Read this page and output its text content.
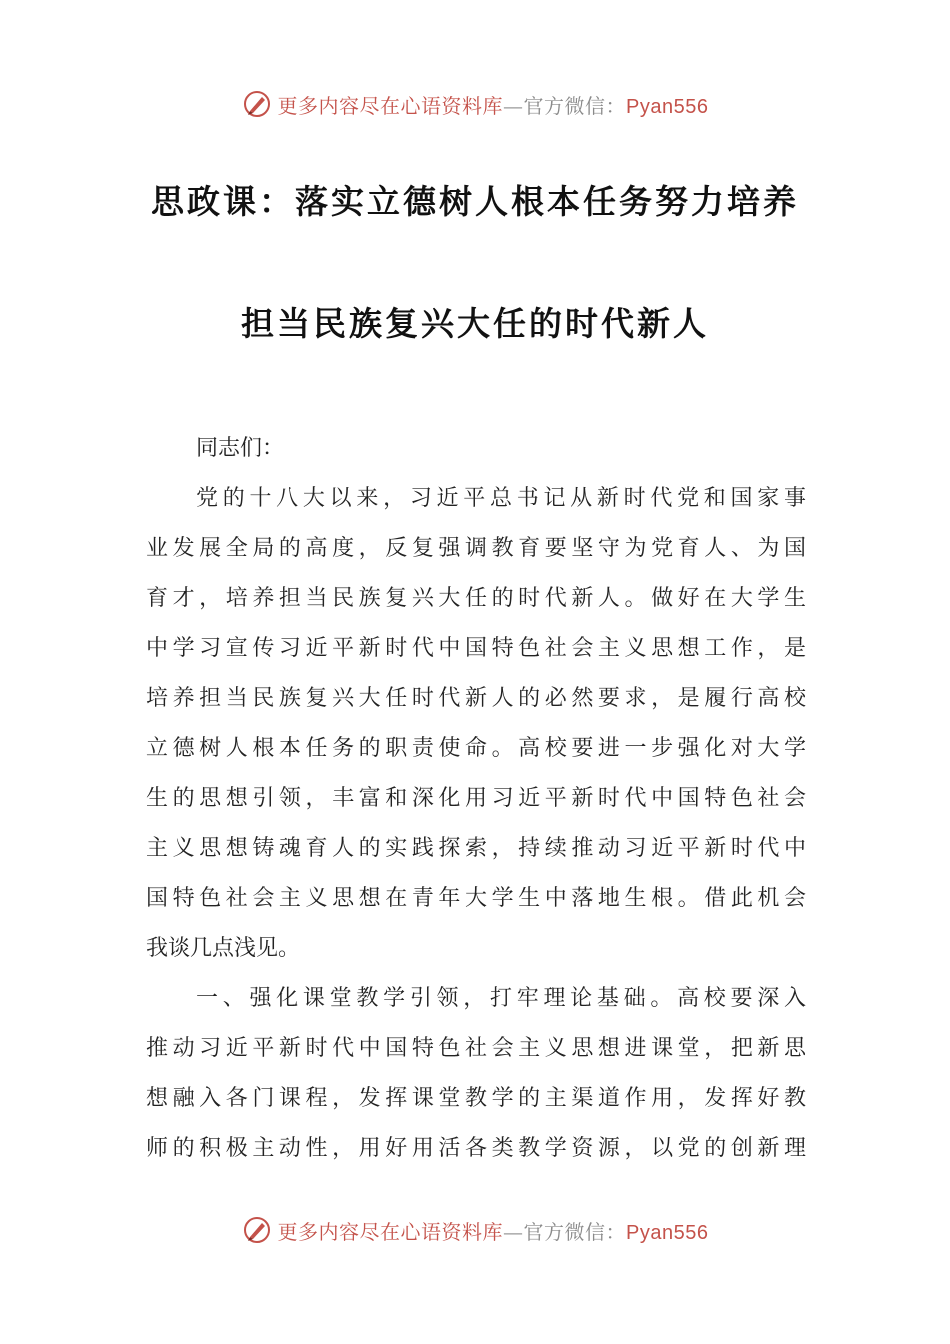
更多内容尽在心语资料库—官方微信：Pyan556
思政课：落实立德树人根本任务努力培养
担当民族复兴大任的时代新人
同志们：
党的十八大以来，习近平总书记从新时代党和国家事
业发展全局的高度，反复强调教育要坚守为党育人、为国
育才，培养担当民族复兴大任的时代新人。做好在大学生
中学习宣传习近平新时代中国特色社会主义思想工作，是
培养担当民族复兴大任时代新人的必然要求，是履行高校
立德树人根本任务的职责使命。高校要进一步强化对大学
生的思想引领，丰富和深化用习近平新时代中国特色社会
主义思想铸魂育人的实践探索，持续推动习近平新时代中
国特色社会主义思想在青年大学生中落地生根。借此机会
我谈几点浅见。
一、强化课堂教学引领，打牢理论基础。高校要深入
推动习近平新时代中国特色社会主义思想进课堂，把新思
想融入各门课程，发挥课堂教学的主渠道作用，发挥好教
师的积极主动性，用好用活各类教学资源，以党的创新理
更多内容尽在心语资料库—官方微信：Pyan556
